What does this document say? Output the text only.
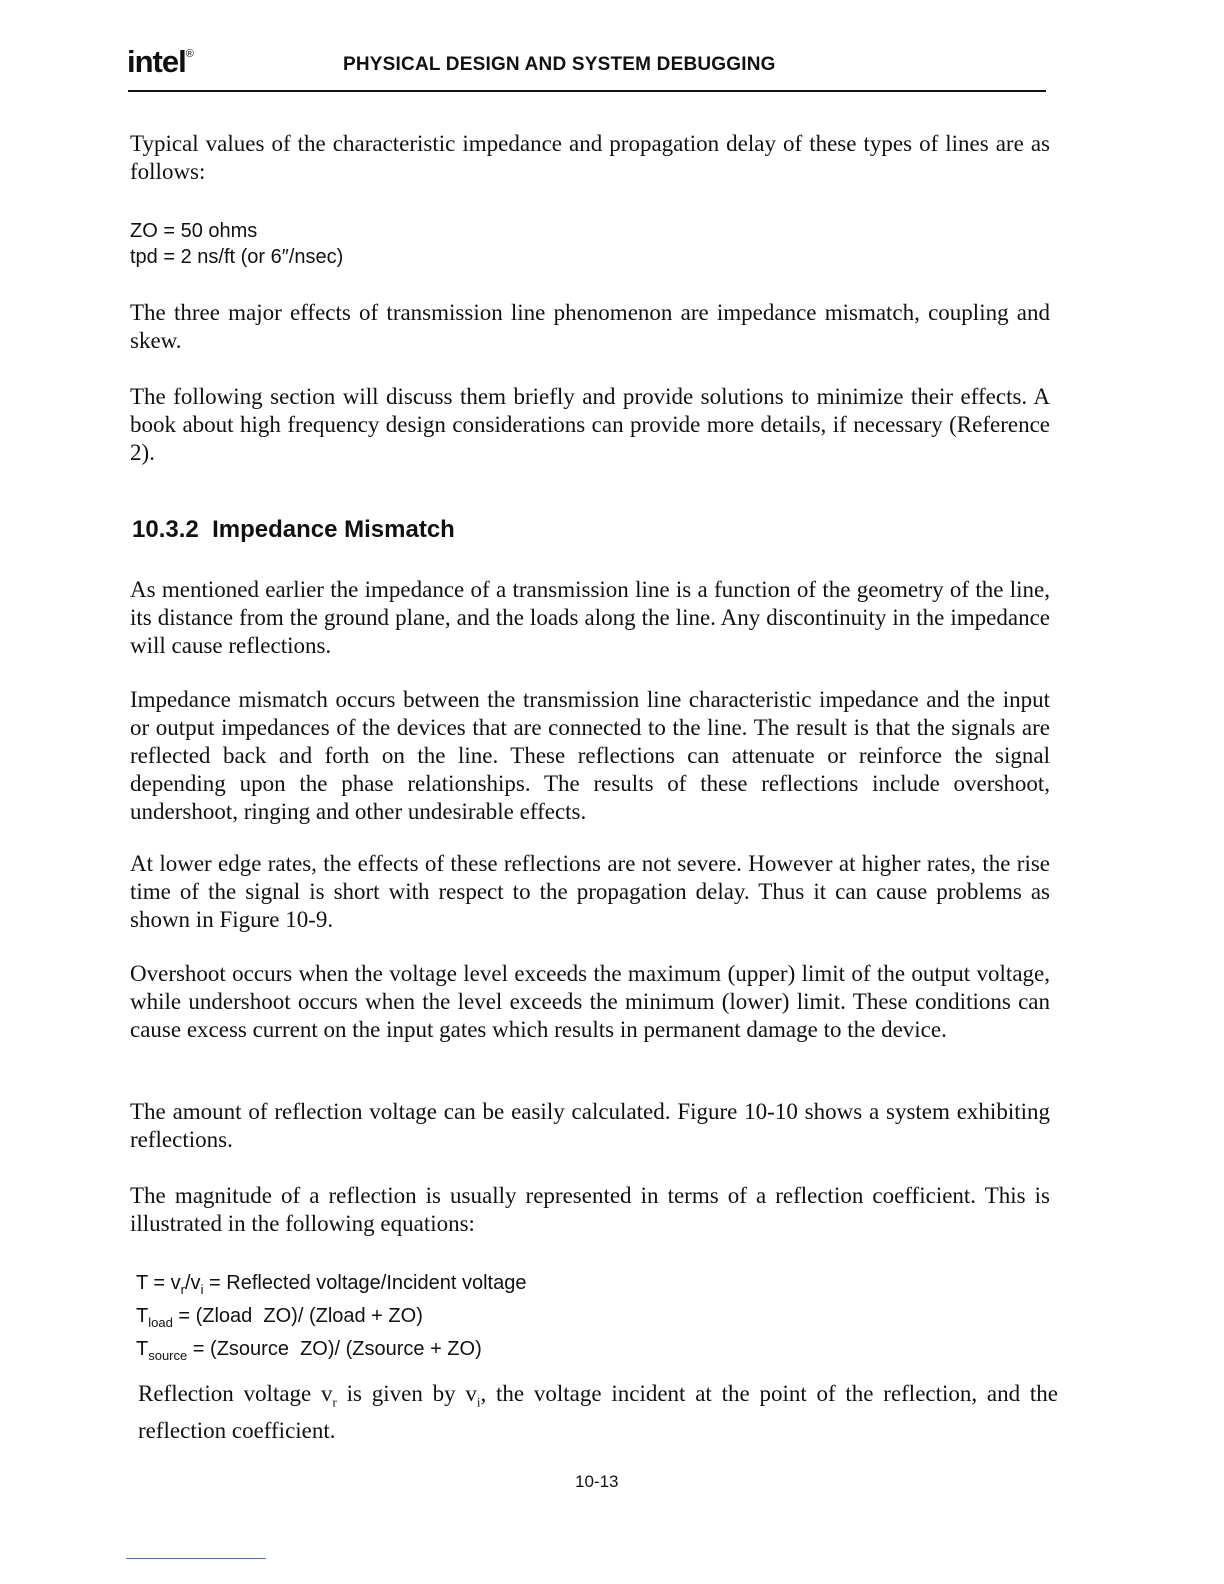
intel®	PHYSICAL DESIGN AND SYSTEM DEBUGGING

Typical values of the characteristic impedance and propagation delay of these types of lines are as follows:

ZO = 50 ohms
tpd = 2 ns/ft (or 6″/nsec)

The three major effects of transmission line phenomenon are impedance mismatch, coupling and skew.

The following section will discuss them briefly and provide solutions to minimize their effects. A book about high frequency design considerations can provide more details, if necessary (Reference 2).

10.3.2 Impedance Mismatch

As mentioned earlier the impedance of a transmission line is a function of the geometry of the line, its distance from the ground plane, and the loads along the line. Any discontinuity in the impedance will cause reflections.

Impedance mismatch occurs between the transmission line characteristic impedance and the input or output impedances of the devices that are connected to the line. The result is that the signals are reflected back and forth on the line. These reflections can attenuate or reinforce the signal depending upon the phase relationships. The results of these reflections include overshoot, undershoot, ringing and other undesirable effects.

At lower edge rates, the effects of these reflections are not severe. However at higher rates, the rise time of the signal is short with respect to the propagation delay. Thus it can cause problems as shown in Figure 10-9.

Overshoot occurs when the voltage level exceeds the maximum (upper) limit of the output voltage, while undershoot occurs when the level exceeds the minimum (lower) limit. These conditions can cause excess current on the input gates which results in permanent damage to the device.

The amount of reflection voltage can be easily calculated. Figure 10-10 shows a system exhibiting reflections.

The magnitude of a reflection is usually represented in terms of a reflection coefficient. This is illustrated in the following equations:

$T = v_r/v_i$ = Reflected voltage/Incident voltage
$T_{load}$ = (Zload  ZO)/ (Zload + ZO)
$T_{source}$ = (Zsource  ZO)/ (Zsource + ZO)

Reflection voltage $v_r$ is given by $v_i$, the voltage incident at the point of the reflection, and the reflection coefficient.

10-13
